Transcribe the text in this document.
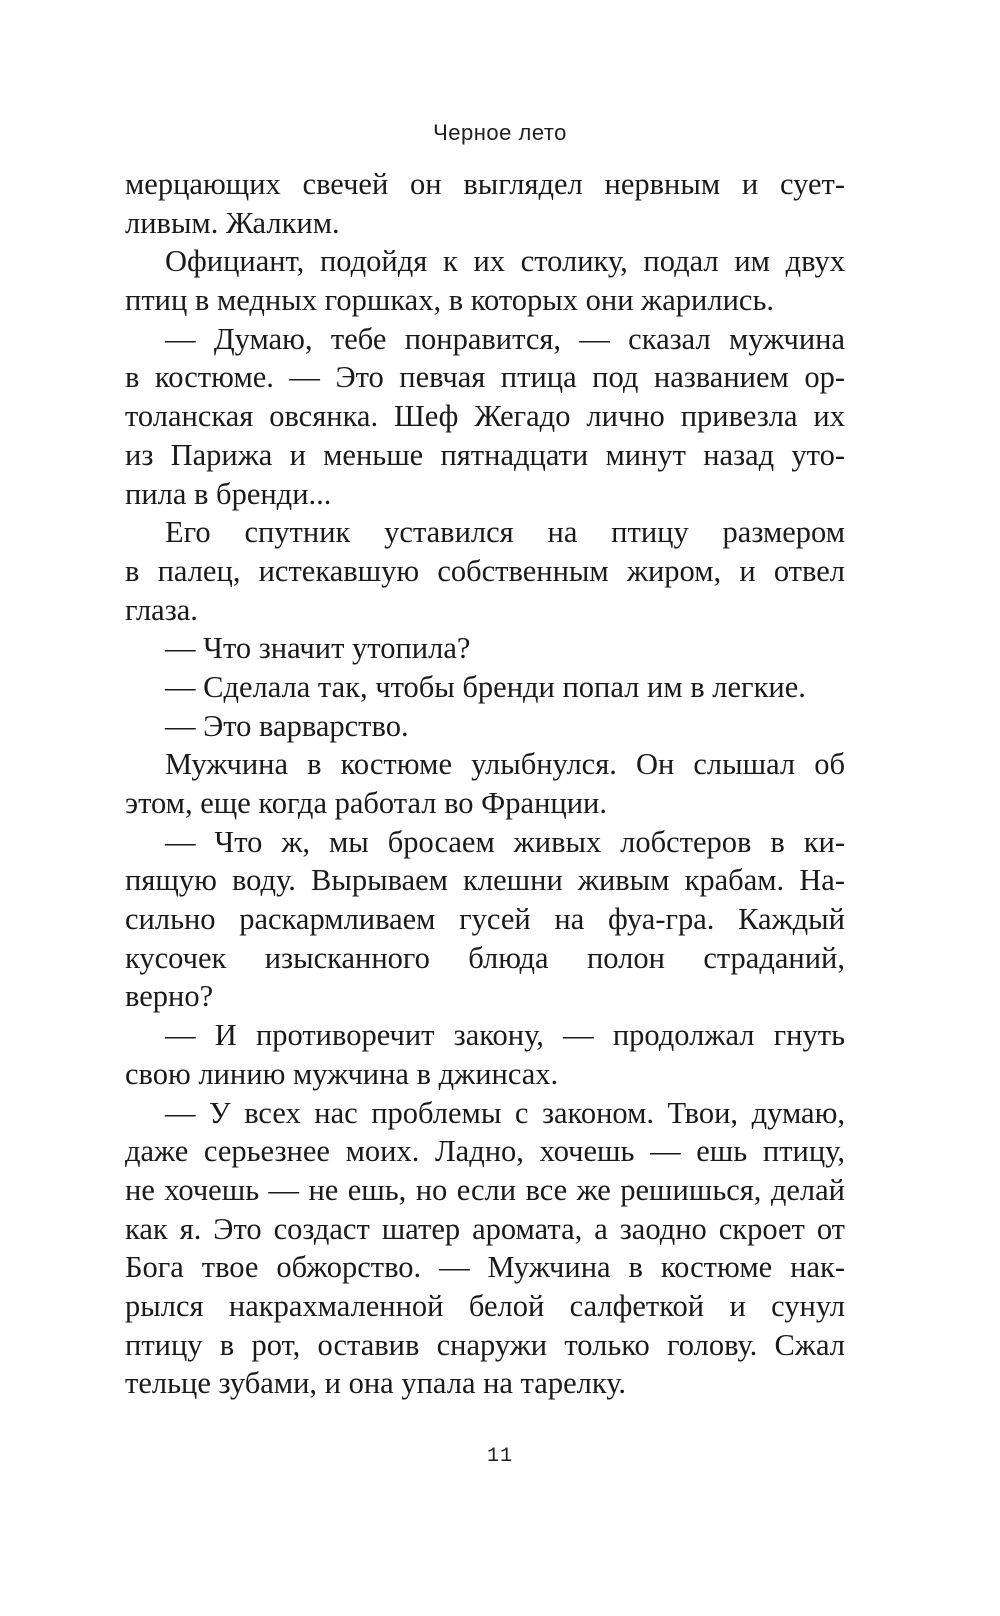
Черное лето
мерцающих свечей он выглядел нервным и сует-
ливым. Жалким.
Официант, подойдя к их столику, подал им двух
птиц в медных горшках, в которых они жарились.
— Думаю, тебе понравится, — сказал мужчина
в костюме. — Это певчая птица под названием ор-
толанская овсянка. Шеф Жегадо лично привезла их
из Парижа и меньше пятнадцати минут назад уто-
пила в бренди...
Его спутник уставился на птицу размером
в палец, истекавшую собственным жиром, и отвел
глаза.
— Что значит утопила?
— Сделала так, чтобы бренди попал им в легкие.
— Это варварство.
Мужчина в костюме улыбнулся. Он слышал об
этом, еще когда работал во Франции.
— Что ж, мы бросаем живых лобстеров в ки-
пящую воду. Вырываем клешни живым крабам. На-
сильно раскармливаем гусей на фуа-гра. Каждый
кусочек изысканного блюда полон страданий,
верно?
— И противоречит закону, — продолжал гнуть
свою линию мужчина в джинсах.
— У всех нас проблемы с законом. Твои, думаю,
даже серьезнее моих. Ладно, хочешь — ешь птицу,
не хочешь — не ешь, но если все же решишься, делай
как я. Это создаст шатер аромата, а заодно скроет от
Бога твое обжорство. — Мужчина в костюме нак-
рылся накрахмаленной белой салфеткой и сунул
птицу в рот, оставив снаружи только голову. Сжал
тельце зубами, и она упала на тарелку.
11
